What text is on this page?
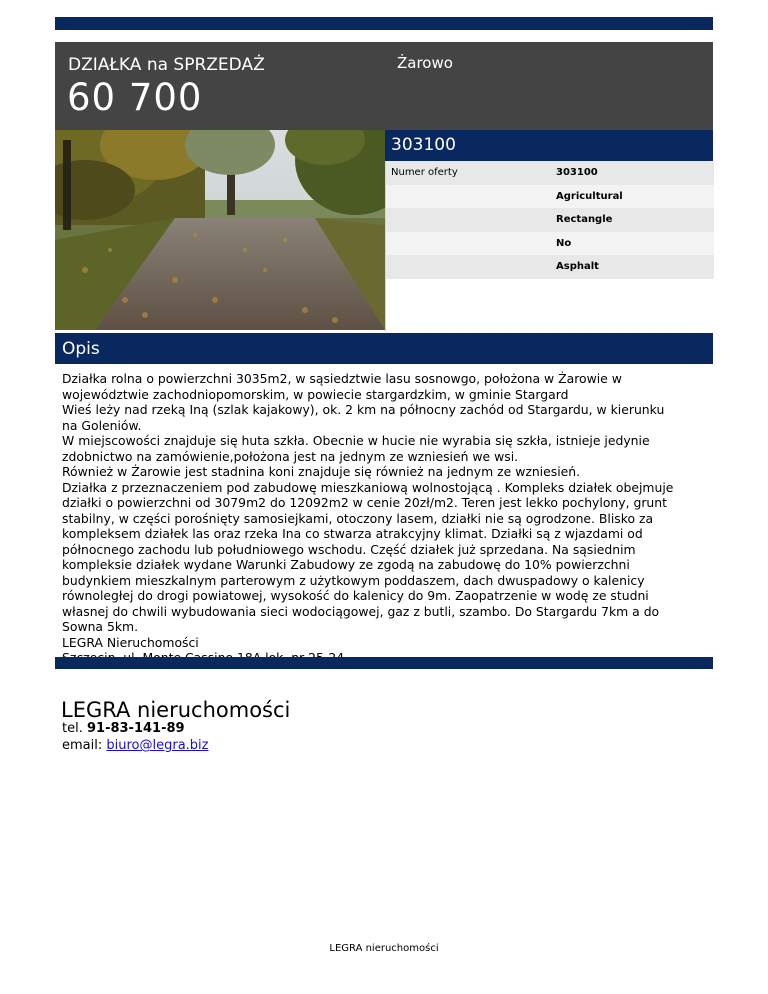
DZIAŁKA na SPRZEDAŻ
60 700
Żarowo
303100
Numer oferty	303100
Agricultural
Rectangle
No
Asphalt
Opis
Działka rolna o powierzchni 3035m2, w sąsiedztwie lasu sosnowgo, położona w Żarowie w
województwie zachodniopomorskim, w powiecie stargardzkim, w gminie Stargard
Wieś leży nad rzeką Iną (szlak kajakowy), ok. 2 km na północny zachód od Stargardu, w kierunku
na Goleniów.
W miejscowości znajduje się huta szkła. Obecnie w hucie nie wyrabia się szkła, istnieje jedynie
zdobnictwo na zamówienie,położona jest na jednym ze wzniesień we wsi.
Również w Żarowie jest stadnina koni znajduje się również na jednym ze wzniesień.
Działka z przeznaczeniem pod zabudowę mieszkaniową wolnostojącą . Kompleks działek obejmuje
działki o powierzchni od 3079m2 do 12092m2 w cenie 20zł/m2. Teren jest lekko pochylony, grunt
stabilny, w części porośnięty samosiejkami, otoczony lasem, działki nie są ogrodzone. Blisko za
kompleksem działek las oraz rzeka Ina co stwarza atrakcyjny klimat. Działki są z wjazdami od
północnego zachodu lub południowego wschodu. Część działek już sprzedana. Na sąsiednim
kompleksie działek wydane Warunki Zabudowy ze zgodą na zabudowę do 10% powierzchni
budynkiem mieszkalnym parterowym z użytkowym poddaszem, dach dwuspadowy o kalenicy
równoległej do drogi powiatowej, wysokość do kalenicy do 9m. Zaopatrzenie w wodę ze studni
własnej do chwili wybudowania sieci wodociągowej, gaz z butli, szambo. Do Stargardu 7km a do
Sowna 5km.
LEGRA Nieruchomości
LEGRA nieruchomości
tel. 91-83-141-89
email: biuro@legra.biz
LEGRA nieruchomości
